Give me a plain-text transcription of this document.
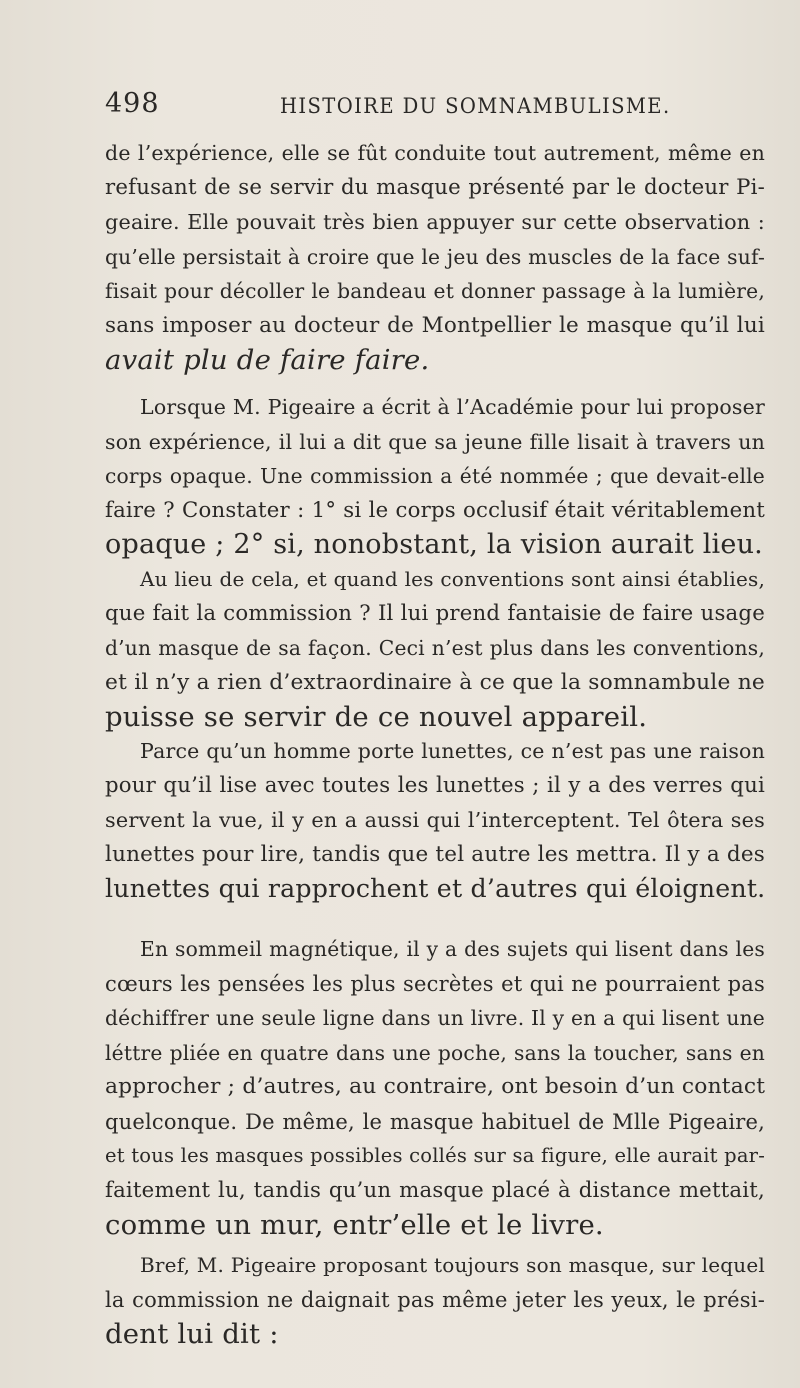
498	HISTOIRE DU SOMNAMBULISME.
de l’expérience, elle se fût conduite tout autrement, même en
refusant de se servir du masque présenté par le docteur Pi-
geaire. Elle pouvait très bien appuyer sur cette observation :
qu’elle persistait à croire que le jeu des muscles de la face suf-
fisait pour décoller le bandeau et donner passage à la lumière,
sans imposer au docteur de Montpellier le masque qu’il lui
avait plu de faire faire.
Lorsque M. Pigeaire a écrit à l’Académie pour lui proposer
son expérience, il lui a dit que sa jeune fille lisait à travers un
corps opaque. Une commission a été nommée ; que devait-elle
faire ? Constater : 1° si le corps occlusif était véritablement
opaque ; 2° si, nonobstant, la vision aurait lieu.
Au lieu de cela, et quand les conventions sont ainsi établies,
que fait la commission ? Il lui prend fantaisie de faire usage
d’un masque de sa façon. Ceci n’est plus dans les conventions,
et il n’y a rien d’extraordinaire à ce que la somnambule ne
puisse se servir de ce nouvel appareil.
Parce qu’un homme porte lunettes, ce n’est pas une raison
pour qu’il lise avec toutes les lunettes ; il y a des verres qui
servent la vue, il y en a aussi qui l’interceptent. Tel ôtera ses
lunettes pour lire, tandis que tel autre les mettra. Il y a des
lunettes qui rapprochent et d’autres qui éloignent.
En sommeil magnétique, il y a des sujets qui lisent dans les
cœurs les pensées les plus secrètes et qui ne pourraient pas
déchiffrer une seule ligne dans un livre. Il y en a qui lisent une
léttre pliée en quatre dans une poche, sans la toucher, sans en
approcher ; d’autres, au contraire, ont besoin d’un contact
quelconque. De même, le masque habituel de Mlle Pigeaire,
et tous les masques possibles collés sur sa figure, elle aurait par-
faitement lu, tandis qu’un masque placé à distance mettait,
comme un mur, entr’elle et le livre.
Bref, M. Pigeaire proposant toujours son masque, sur lequel
la commission ne daignait pas même jeter les yeux, le prési-
dent lui dit :
